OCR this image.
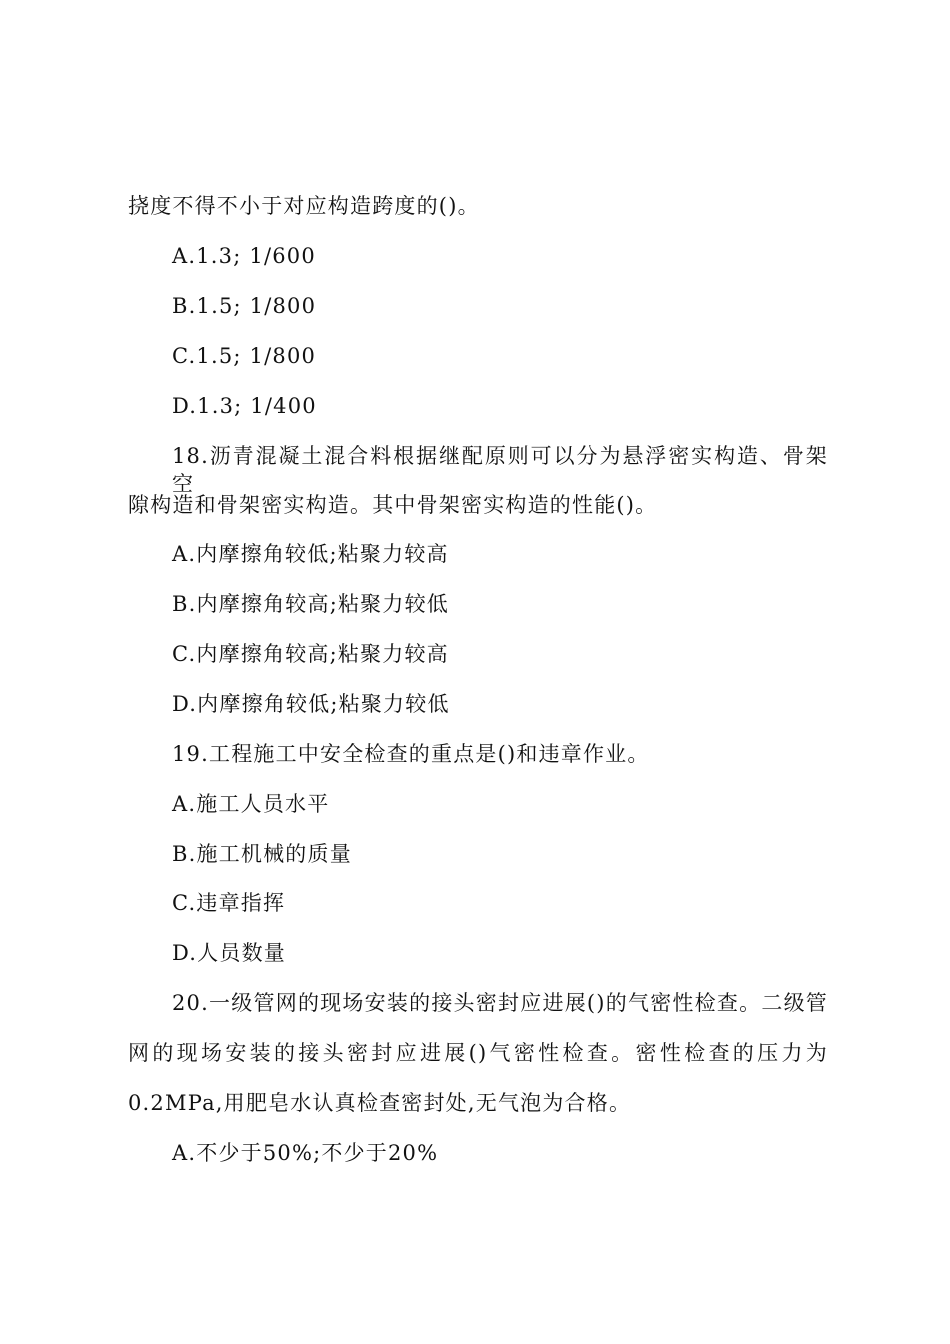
挠度不得不小于对应构造跨度的()。
A.1.3; 1/600
B.1.5; 1/800
C.1.5; 1/800
D.1.3; 1/400
18.沥青混凝土混合料根据继配原则可以分为悬浮密实构造、骨架空
隙构造和骨架密实构造。其中骨架密实构造的性能()。
A.内摩擦角较低;粘聚力较高
B.内摩擦角较高;粘聚力较低
C.内摩擦角较高;粘聚力较高
D.内摩擦角较低;粘聚力较低
19.工程施工中安全检查的重点是()和违章作业。
A.施工人员水平
B.施工机械的质量
C.违章指挥
D.人员数量
20.一级管网的现场安装的接头密封应进展()的气密性检查。二级管
网的现场安装的接头密封应进展()气密性检查。密性检查的压力为
0.2MPa,用肥皂水认真检查密封处,无气泡为合格。
A.不少于50%;不少于20%
